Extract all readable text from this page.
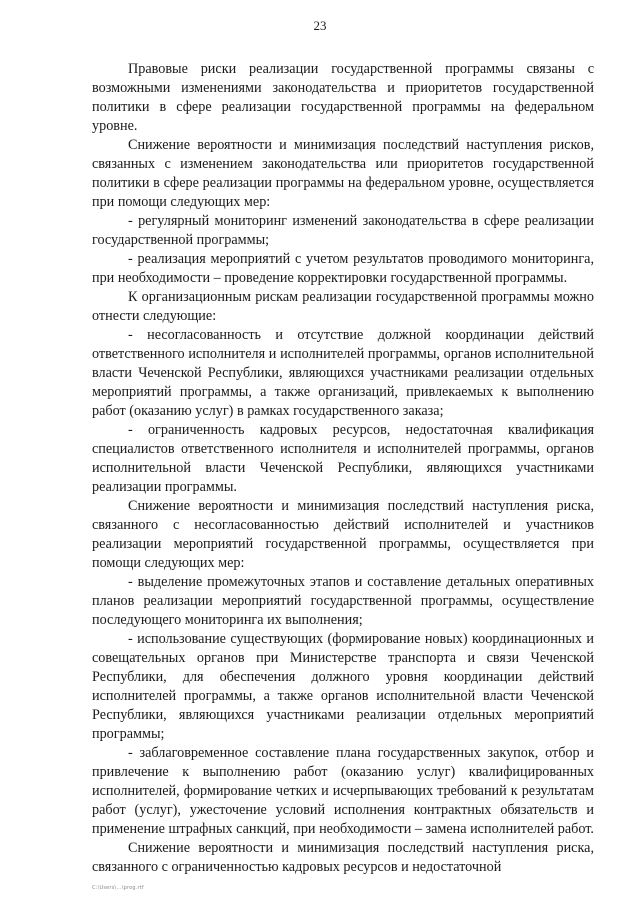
23

Правовые риски реализации государственной программы связаны с возможными изменениями законодательства и приоритетов государственной политики в сфере реализации государственной программы на федеральном уровне.

Снижение вероятности и минимизация последствий наступления рисков, связанных с изменением законодательства или приоритетов государственной политики в сфере реализации программы на федеральном уровне, осуществляется при помощи следующих мер:

- регулярный мониторинг изменений законодательства в сфере реализации государственной программы;

- реализация мероприятий с учетом результатов проводимого мониторинга, при необходимости – проведение корректировки государственной программы.

К организационным рискам реализации государственной программы можно отнести следующие:

- несогласованность и отсутствие должной координации действий ответственного исполнителя и исполнителей программы, органов исполнительной власти Чеченской Республики, являющихся участниками реализации отдельных мероприятий программы, а также организаций, привлекаемых к выполнению работ (оказанию услуг) в рамках государственного заказа;

- ограниченность кадровых ресурсов, недостаточная квалификация специалистов ответственного исполнителя и исполнителей программы, органов исполнительной власти Чеченской Республики, являющихся участниками реализации программы.

Снижение вероятности и минимизация последствий наступления риска, связанного с несогласованностью действий исполнителей и участников реализации мероприятий государственной программы, осуществляется при помощи следующих мер:

- выделение промежуточных этапов и составление детальных оперативных планов реализации мероприятий государственной программы, осуществление последующего мониторинга их выполнения;

- использование существующих (формирование новых) координационных и совещательных органов при Министерстве транспорта и связи Чеченской Республики, для обеспечения должного уровня координации действий исполнителей программы, а также органов исполнительной власти Чеченской Республики, являющихся участниками реализации отдельных мероприятий программы;

- заблаговременное составление плана государственных закупок, отбор и привлечение к выполнению работ (оказанию услуг) квалифицированных исполнителей, формирование четких и исчерпывающих требований к результатам работ (услуг), ужесточение условий исполнения контрактных обязательств и применение штрафных санкций, при необходимости – замена исполнителей работ.

Снижение вероятности и минимизация последствий наступления риска, связанного с ограниченностью кадровых ресурсов и недостаточной

C:\Users\...\prog.rtf
